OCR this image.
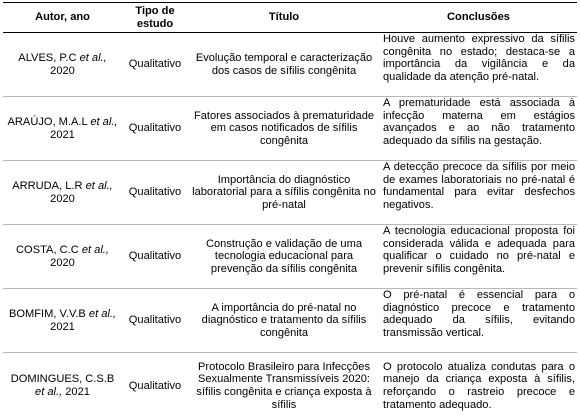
Autor, ano	Tipo de estudo	Título	Conclusões
ALVES, P.C et al., 2020	Qualitativo	Evolução temporal e caracterização dos casos de sífilis congênita	Houve aumento expressivo da sífilis congênita no estado; destaca-se a importância da vigilância e da qualidade da atenção pré-natal.
ARAÚJO, M.A.L et al., 2021	Qualitativo	Fatores associados à prematuridade em casos notificados de sífilis congênita	A prematuridade está associada à infecção materna em estágios avançados e ao não tratamento adequado da sífilis na gestação.
ARRUDA, L.R et al., 2020	Qualitativo	Importância do diagnóstico laboratorial para a sífilis congênita no pré-natal	A detecção precoce da sífilis por meio de exames laboratoriais no pré-natal é fundamental para evitar desfechos negativos.
COSTA, C.C et al., 2020	Qualitativo	Construção e validação de uma tecnologia educacional para prevenção da sífilis congênita	A tecnologia educacional proposta foi considerada válida e adequada para qualificar o cuidado no pré-natal e prevenir sífilis congênita.
BOMFIM, V.V.B et al., 2021	Qualitativo	A importância do pré-natal no diagnóstico e tratamento da sífilis congênita	O pré-natal é essencial para o diagnóstico precoce e tratamento adequado da sífilis, evitando transmissão vertical.
DOMINGUES, C.S.B et al., 2021	Qualitativo	Protocolo Brasileiro para Infecções Sexualmente Transmissíveis 2020: sífilis congênita e criança exposta à sífilis	O protocolo atualiza condutas para o manejo da criança exposta à sífilis, reforçando o rastreio precoce e tratamento adequado.
